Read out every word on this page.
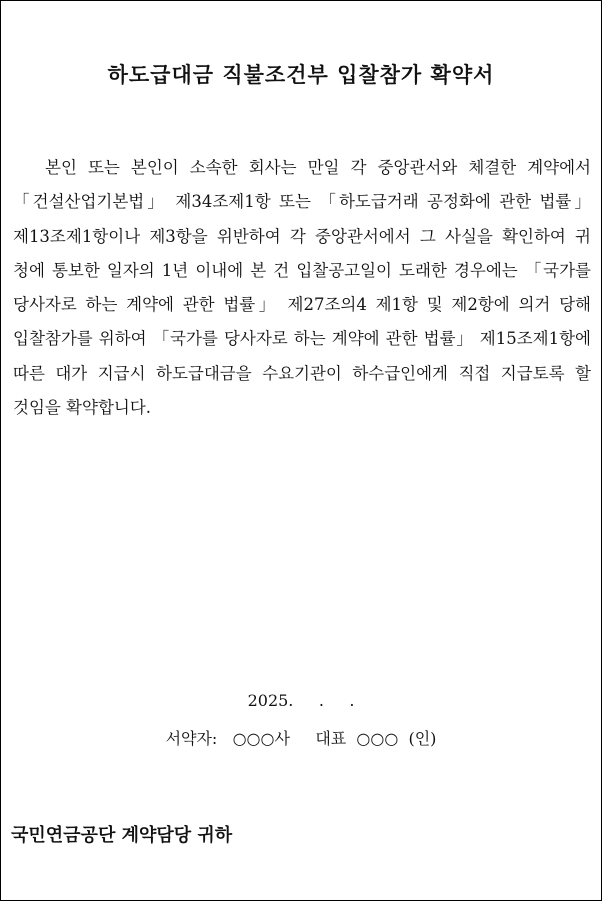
하도급대금 직불조건부 입찰참가 확약서

본인 또는 본인이 소속한 회사는 만일 각 중앙관서와 체결한 계약에서 「건설산업기본법」 제34조제1항 또는 「하도급거래 공정화에 관한 법률」 제13조제1항이나 제3항을 위반하여 각 중앙관서에서 그 사실을 확인하여 귀 청에 통보한 일자의 1년 이내에 본 건 입찰공고일이 도래한 경우에는 「국가를 당사자로 하는 계약에 관한 법률」 제27조의4 제1항 및 제2항에 의거 당해 입찰참가를 위하여 「국가를 당사자로 하는 계약에 관한 법률」 제15조제1항에 따른 대가 지급시 하도급대금을 수요기관이 하수급인에게 직접 지급토록 할 것임을 확약합니다.

2025.     .     .
서약자:   ○○○사     대표  ○○○  (인)
국민연금공단 계약담당 귀하
